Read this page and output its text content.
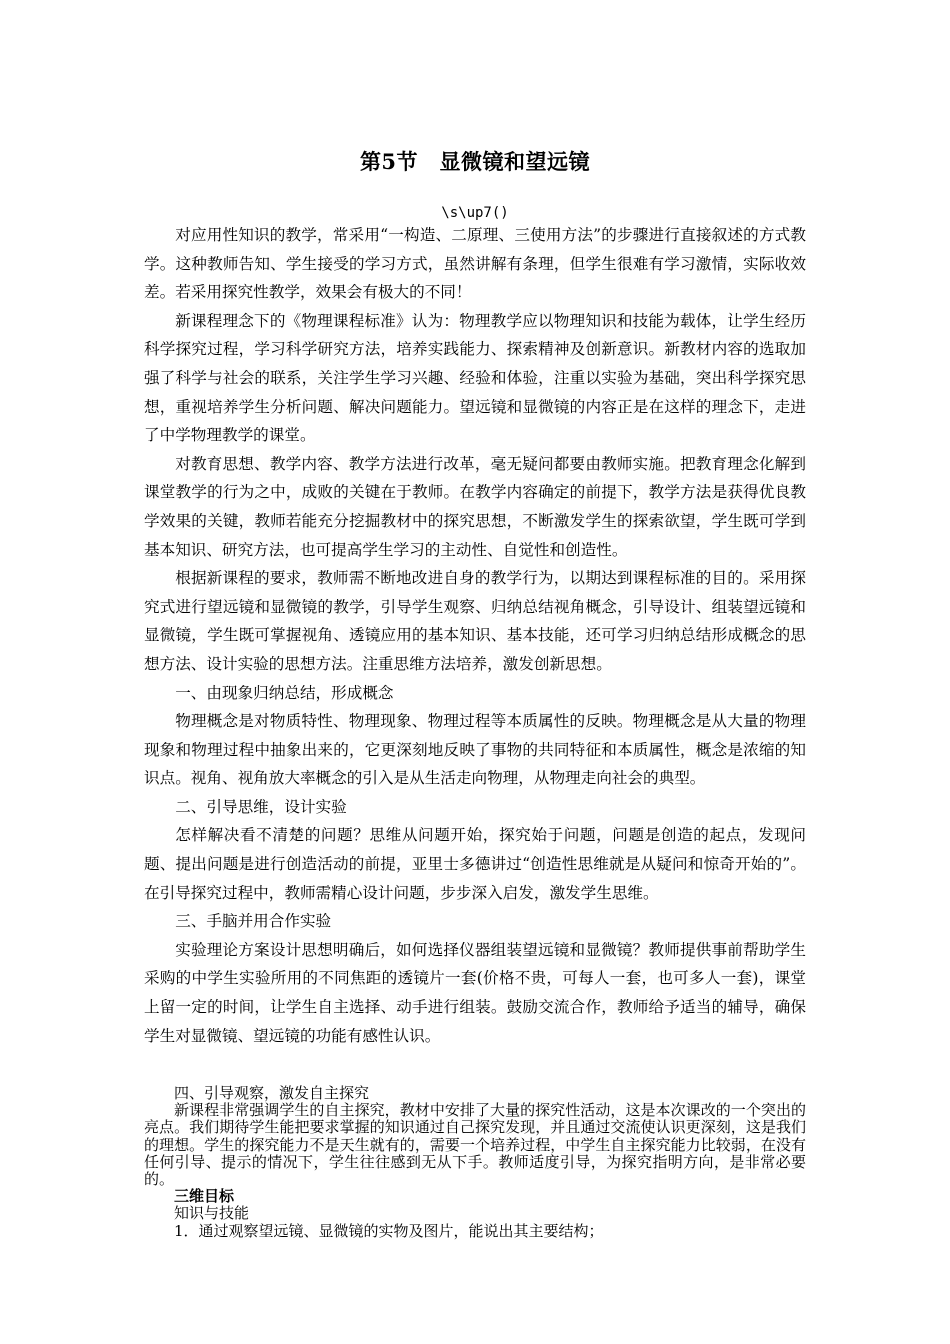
第5节　显微镜和望远镜
\s\up7()

对应用性知识的教学，常采用“一构造、二原理、三使用方法”的步骤进行直接叙述的方式教学。这种教师告知、学生接受的学习方式，虽然讲解有条理，但学生很难有学习激情，实际收效差。若采用探究性教学，效果会有极大的不同！

新课程理念下的《物理课程标准》认为：物理教学应以物理知识和技能为载体，让学生经历科学探究过程，学习科学研究方法，培养实践能力、探索精神及创新意识。新教材内容的选取加强了科学与社会的联系，关注学生学习兴趣、经验和体验，注重以实验为基础，突出科学探究思想，重视培养学生分析问题、解决问题能力。望远镜和显微镜的内容正是在这样的理念下，走进了中学物理教学的课堂。

对教育思想、教学内容、教学方法进行改革，毫无疑问都要由教师实施。把教育理念化解到课堂教学的行为之中，成败的关键在于教师。在教学内容确定的前提下，教学方法是获得优良教学效果的关键，教师若能充分挖掘教材中的探究思想，不断激发学生的探索欲望，学生既可学到基本知识、研究方法，也可提高学生学习的主动性、自觉性和创造性。

根据新课程的要求，教师需不断地改进自身的教学行为，以期达到课程标准的目的。采用探究式进行望远镜和显微镜的教学，引导学生观察、归纳总结视角概念，引导设计、组装望远镜和显微镜，学生既可掌握视角、透镜应用的基本知识、基本技能，还可学习归纳总结形成概念的思想方法、设计实验的思想方法。注重思维方法培养，激发创新思想。

一、由现象归纳总结，形成概念

物理概念是对物质特性、物理现象、物理过程等本质属性的反映。物理概念是从大量的物理现象和物理过程中抽象出来的，它更深刻地反映了事物的共同特征和本质属性，概念是浓缩的知识点。视角、视角放大率概念的引入是从生活走向物理，从物理走向社会的典型。

二、引导思维，设计实验

怎样解决看不清楚的问题？思维从问题开始，探究始于问题，问题是创造的起点，发现问题、提出问题是进行创造活动的前提，亚里士多德讲过“创造性思维就是从疑问和惊奇开始的”。在引导探究过程中，教师需精心设计问题，步步深入启发，激发学生思维。

三、手脑并用合作实验

实验理论方案设计思想明确后，如何选择仪器组装望远镜和显微镜？教师提供事前帮助学生采购的中学生实验所用的不同焦距的透镜片一套(价格不贵，可每人一套，也可多人一套)，课堂上留一定的时间，让学生自主选择、动手进行组装。鼓励交流合作，教师给予适当的辅导，确保学生对显微镜、望远镜的功能有感性认识。

四、引导观察，激发自主探究

新课程非常强调学生的自主探究，教材中安排了大量的探究性活动，这是本次课改的一个突出的亮点。我们期待学生能把要求掌握的知识通过自己探究发现，并且通过交流使认识更深刻，这是我们的理想。学生的探究能力不是天生就有的，需要一个培养过程，中学生自主探究能力比较弱，在没有任何引导、提示的情况下，学生往往感到无从下手。教师适度引导，为探究指明方向，是非常必要的。

三维目标

知识与技能

1．通过观察望远镜、显微镜的实物及图片，能说出其主要结构；
